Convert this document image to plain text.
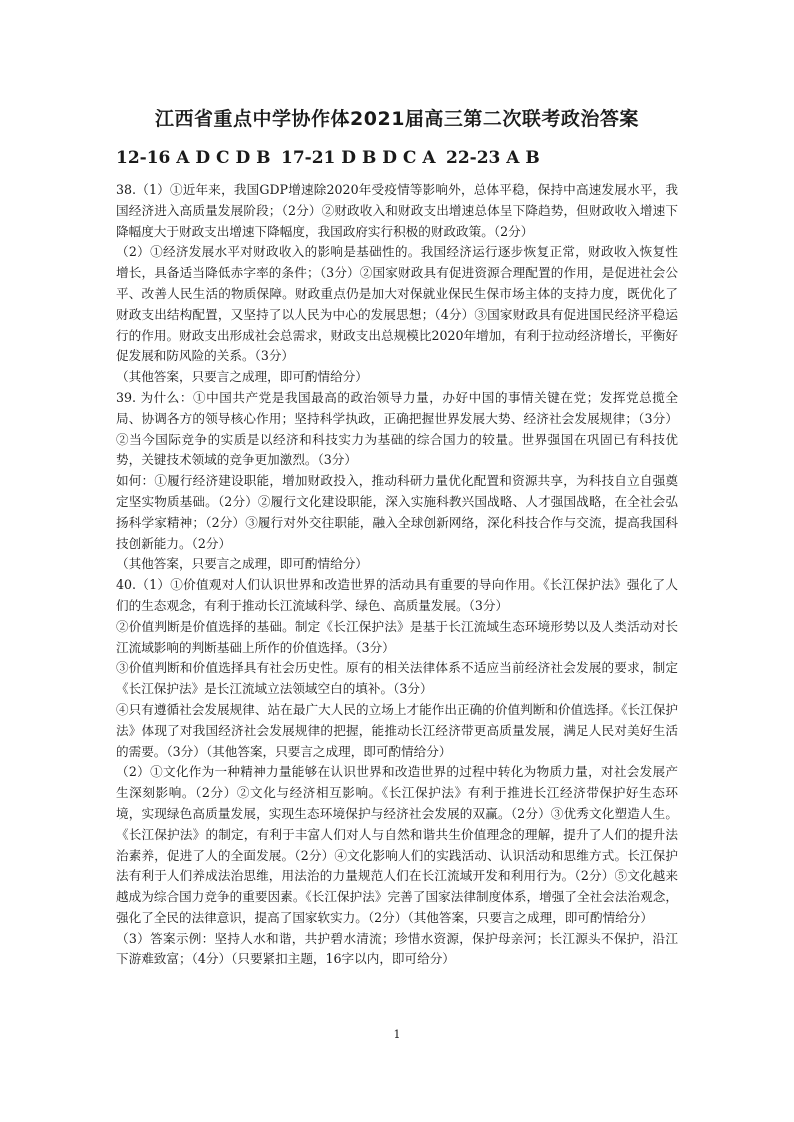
江西省重点中学协作体2021届高三第二次联考政治答案
12-16 A D C D B 17-21 D B D C A 22-23 A B

38.（1）①近年来，我国GDP增速除2020年受疫情等影响外，总体平稳，保持中高速发展水平，我国经济进入高质量发展阶段；（2分）②财政收入和财政支出增速总体呈下降趋势，但财政收入增速下降幅度大于财政支出增速下降幅度，我国政府实行积极的财政政策。（2分）

（2）①经济发展水平对财政收入的影响是基础性的。我国经济运行逐步恢复正常，财政收入恢复性增长，具备适当降低赤字率的条件；（3分）②国家财政具有促进资源合理配置的作用，是促进社会公平、改善人民生活的物质保障。财政重点仍是加大对保就业保民生保市场主体的支持力度，既优化了财政支出结构配置，又坚持了以人民为中心的发展思想；（4分）③国家财政具有促进国民经济平稳运行的作用。财政支出形成社会总需求，财政支出总规模比2020年增加，有利于拉动经济增长，平衡好促发展和防风险的关系。（3分）

（其他答案，只要言之成理，即可酌情给分）

39. 为什么：①中国共产党是我国最高的政治领导力量，办好中国的事情关键在党；发挥党总揽全局、协调各方的领导核心作用；坚持科学执政，正确把握世界发展大势、经济社会发展规律；（3分）②当今国际竞争的实质是以经济和科技实力为基础的综合国力的较量。世界强国在巩固已有科技优势，关键技术领域的竞争更加激烈。（3分）

如何：①履行经济建设职能，增加财政投入，推动科研力量优化配置和资源共享，为科技自立自强奠定坚实物质基础。（2分）②履行文化建设职能，深入实施科教兴国战略、人才强国战略，在全社会弘扬科学家精神；（2分）③履行对外交往职能，融入全球创新网络，深化科技合作与交流，提高我国科技创新能力。（2分）

（其他答案，只要言之成理，即可酌情给分）

40.（1）①价值观对人们认识世界和改造世界的活动具有重要的导向作用。《长江保护法》强化了人们的生态观念，有利于推动长江流域科学、绿色、高质量发展。（3分）

②价值判断是价值选择的基础。制定《长江保护法》是基于长江流域生态环境形势以及人类活动对长江流域影响的判断基础上所作的价值选择。（3分）

③价值判断和价值选择具有社会历史性。原有的相关法律体系不适应当前经济社会发展的要求，制定《长江保护法》是长江流域立法领域空白的填补。（3分）

④只有遵循社会发展规律、站在最广大人民的立场上才能作出正确的价值判断和价值选择。《长江保护法》体现了对我国经济社会发展规律的把握，能推动长江经济带更高质量发展，满足人民对美好生活的需要。（3分）（其他答案，只要言之成理，即可酌情给分）

（2）①文化作为一种精神力量能够在认识世界和改造世界的过程中转化为物质力量，对社会发展产生深刻影响。（2分）②文化与经济相互影响。《长江保护法》有利于推进长江经济带保护好生态环境，实现绿色高质量发展，实现生态环境保护与经济社会发展的双赢。（2分）③优秀文化塑造人生。《长江保护法》的制定，有利于丰富人们对人与自然和谐共生价值理念的理解，提升了人们的提升法治素养，促进了人的全面发展。（2分）④文化影响人们的实践活动、认识活动和思维方式。长江保护法有利于人们养成法治思维，用法治的力量规范人们在长江流域开发和利用行为。（2分）⑤文化越来越成为综合国力竞争的重要因素。《长江保护法》完善了国家法律制度体系，增强了全社会法治观念，强化了全民的法律意识，提高了国家软实力。（2分）（其他答案，只要言之成理，即可酌情给分）

（3）答案示例：坚持人水和谐，共护碧水清流；珍惜水资源，保护母亲河；长江源头不保护，沿江下游难致富；（4分）（只要紧扣主题，16字以内，即可给分）

1
